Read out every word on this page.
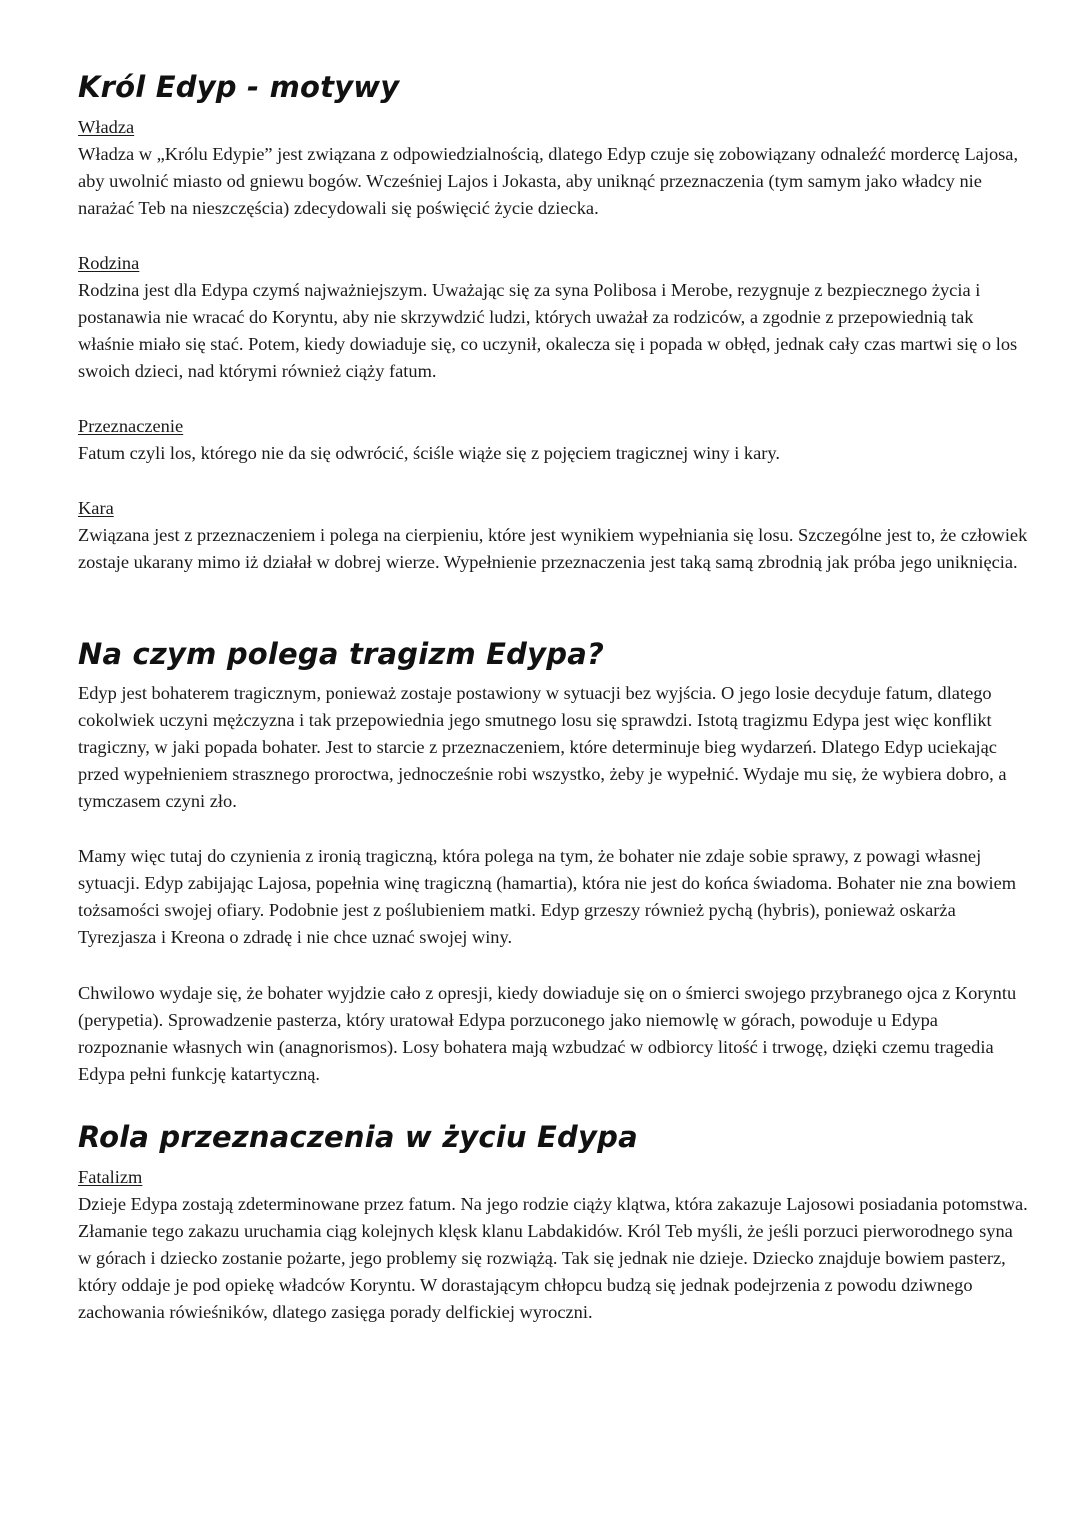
Król Edyp - motywy

Władza

Władza w „Królu Edypie” jest związana z odpowiedzialnością, dlatego Edyp czuje się zobowiązany odnaleźć mordercę Lajosa, aby uwolnić miasto od gniewu bogów. Wcześniej Lajos i Jokasta, aby uniknąć przeznaczenia (tym samym jako władcy nie narażać Teb na nieszczęścia) zdecydowali się poświęcić życie dziecka.

Rodzina

Rodzina jest dla Edypa czymś najważniejszym. Uważając się za syna Polibosa i Merobe, rezygnuje z bezpiecznego życia i postanawia nie wracać do Koryntu, aby nie skrzywdzić ludzi, których uważał za rodziców, a zgodnie z przepowiednią tak właśnie miało się stać. Potem, kiedy dowiaduje się, co uczynił, okalecza się i popada w obłęd, jednak cały czas martwi się o los swoich dzieci, nad którymi również ciąży fatum.

Przeznaczenie

Fatum czyli los, którego nie da się odwrócić, ściśle wiąże się z pojęciem tragicznej winy i kary.

Kara

Związana jest z przeznaczeniem i polega na cierpieniu, które jest wynikiem wypełniania się losu. Szczególne jest to, że człowiek zostaje ukarany mimo iż działał w dobrej wierze. Wypełnienie przeznaczenia jest taką samą zbrodnią jak próba jego uniknięcia.

Na czym polega tragizm Edypa?

Edyp jest bohaterem tragicznym, ponieważ zostaje postawiony w sytuacji bez wyjścia. O jego losie decyduje fatum, dlatego cokolwiek uczyni mężczyzna i tak przepowiednia jego smutnego losu się sprawdzi. Istotą tragizmu Edypa jest więc konflikt tragiczny, w jaki popada bohater. Jest to starcie z przeznaczeniem, które determinuje bieg wydarzeń. Dlatego Edyp uciekając przed wypełnieniem strasznego proroctwa, jednocześnie robi wszystko, żeby je wypełnić. Wydaje mu się, że wybiera dobro, a tymczasem czyni zło.

Mamy więc tutaj do czynienia z ironią tragiczną, która polega na tym, że bohater nie zdaje sobie sprawy, z powagi własnej sytuacji. Edyp zabijając Lajosa, popełnia winę tragiczną (hamartia), która nie jest do końca świadoma. Bohater nie zna bowiem tożsamości swojej ofiary. Podobnie jest z poślubieniem matki. Edyp grzeszy również pychą (hybris), ponieważ oskarża Tyrezjasza i Kreona o zdradę i nie chce uznać swojej winy.

Chwilowo wydaje się, że bohater wyjdzie cało z opresji, kiedy dowiaduje się on o śmierci swojego przybranego ojca z Koryntu (perypetia). Sprowadzenie pasterza, który uratował Edypa porzuconego jako niemowlę w górach, powoduje u Edypa rozpoznanie własnych win (anagnorismos). Losy bohatera mają wzbudzać w odbiorcy litość i trwogę, dzięki czemu tragedia Edypa pełni funkcję katartyczną.

Rola przeznaczenia w życiu Edypa

Fatalizm

Dzieje Edypa zostają zdeterminowane przez fatum. Na jego rodzie ciąży klątwa, która zakazuje Lajosowi posiadania potomstwa. Złamanie tego zakazu uruchamia ciąg kolejnych klęsk klanu Labdakidów. Król Teb myśli, że jeśli porzuci pierworodnego syna w górach i dziecko zostanie pożarte, jego problemy się rozwiążą. Tak się jednak nie dzieje. Dziecko znajduje bowiem pasterz, który oddaje je pod opiekę władców Koryntu. W dorastającym chłopcu budzą się jednak podejrzenia z powodu dziwnego zachowania rówieśników, dlatego zasięga porady delfickiej wyroczni.
